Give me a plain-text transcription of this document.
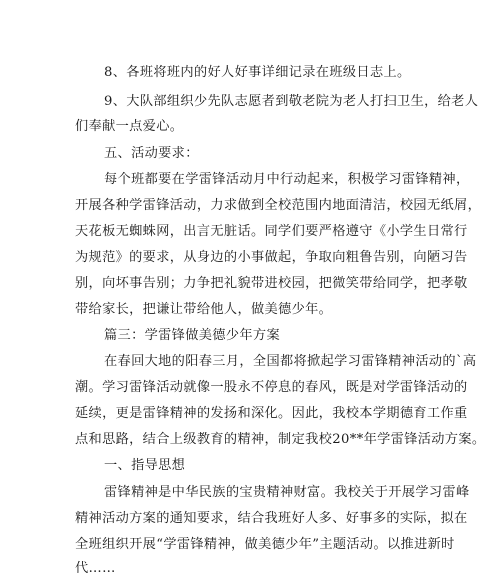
8、各班将班内的好人好事详细记录在班级日志上。
9、大队部组织少先队志愿者到敬老院为老人打扫卫生，给老人
们奉献一点爱心。
五、活动要求：
每个班都要在学雷锋活动月中行动起来，积极学习雷锋精神，
开展各种学雷锋活动，力求做到全校范围内地面清洁，校园无纸屑，
天花板无蜘蛛网，出言无脏话。同学们要严格遵守《小学生日常行
为规范》的要求，从身边的小事做起，争取向粗鲁告别，向陋习告
别，向坏事告别；力争把礼貌带进校园，把微笑带给同学，把孝敬
带给家长，把谦让带给他人，做美德少年。
篇三：学雷锋做美德少年方案
在春回大地的阳春三月，全国都将掀起学习雷锋精神活动的`高
潮。学习雷锋活动就像一股永不停息的春风，既是对学雷锋活动的
延续，更是雷锋精神的发扬和深化。因此，我校本学期德育工作重
点和思路，结合上级教育的精神，制定我校20**年学雷锋活动方案。
一、指导思想
雷锋精神是中华民族的宝贵精神财富。我校关于开展学习雷峰
精神活动方案的通知要求，结合我班好人多、好事多的实际，拟在
全班组织开展“学雷锋精神，做美德少年”主题活动。以推进新时
代……
